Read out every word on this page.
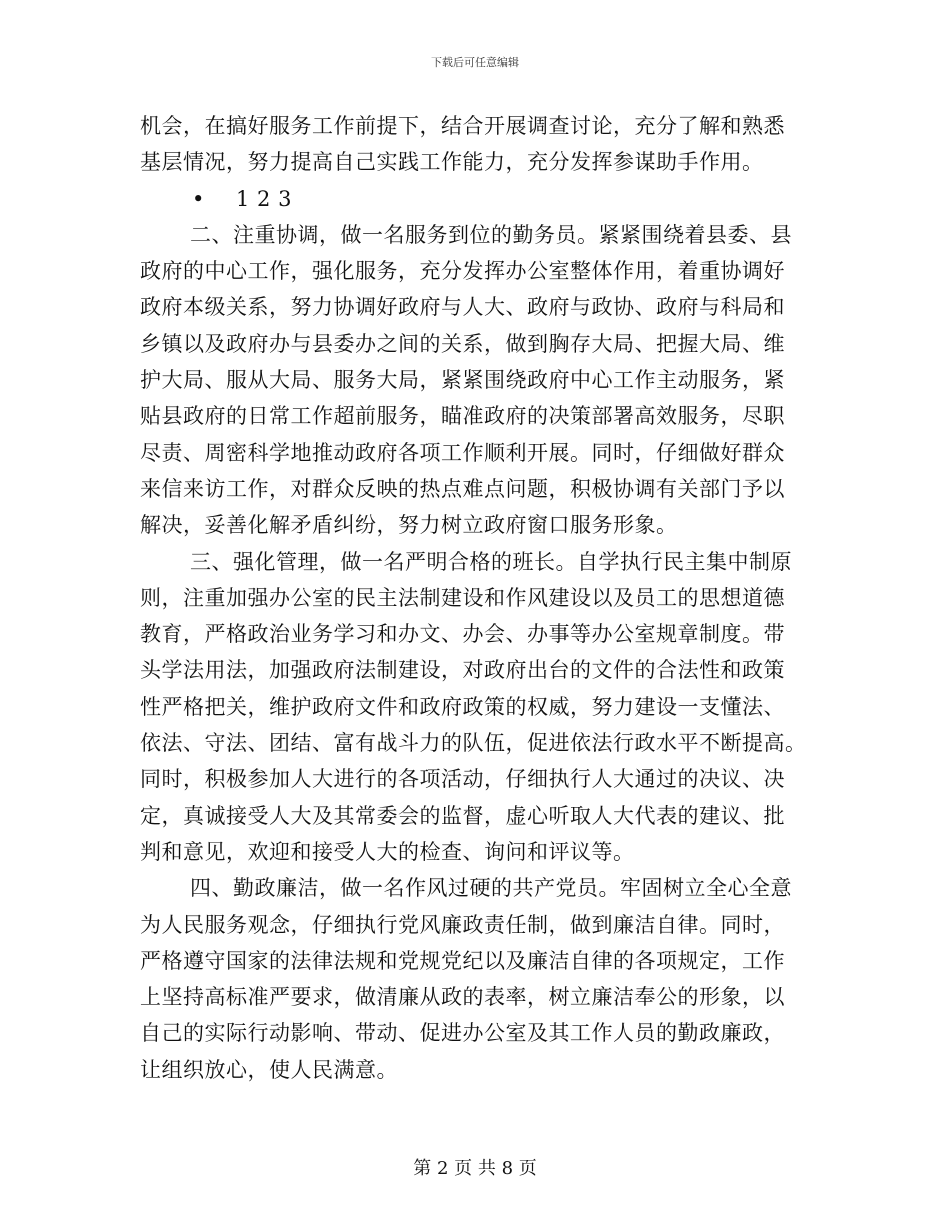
下载后可任意编辑
机会，在搞好服务工作前提下，结合开展调查讨论，充分了解和熟悉
基层情况，努力提高自己实践工作能力，充分发挥参谋助手作用。
• 1 2 3
二、注重协调，做一名服务到位的勤务员。紧紧围绕着县委、县
政府的中心工作，强化服务，充分发挥办公室整体作用，着重协调好
政府本级关系，努力协调好政府与人大、政府与政协、政府与科局和
乡镇以及政府办与县委办之间的关系，做到胸存大局、把握大局、维
护大局、服从大局、服务大局，紧紧围绕政府中心工作主动服务，紧
贴县政府的日常工作超前服务，瞄准政府的决策部署高效服务，尽职
尽责、周密科学地推动政府各项工作顺利开展。同时，仔细做好群众
来信来访工作，对群众反映的热点难点问题，积极协调有关部门予以
解决，妥善化解矛盾纠纷，努力树立政府窗口服务形象。
三、强化管理，做一名严明合格的班长。自学执行民主集中制原
则，注重加强办公室的民主法制建设和作风建设以及员工的思想道德
教育，严格政治业务学习和办文、办会、办事等办公室规章制度。带
头学法用法，加强政府法制建设，对政府出台的文件的合法性和政策
性严格把关，维护政府文件和政府政策的权威，努力建设一支懂法、
依法、守法、团结、富有战斗力的队伍，促进依法行政水平不断提高。
同时，积极参加人大进行的各项活动，仔细执行人大通过的决议、决
定，真诚接受人大及其常委会的监督，虚心听取人大代表的建议、批
判和意见，欢迎和接受人大的检查、询问和评议等。
四、勤政廉洁，做一名作风过硬的共产党员。牢固树立全心全意
为人民服务观念，仔细执行党风廉政责任制，做到廉洁自律。同时，
严格遵守国家的法律法规和党规党纪以及廉洁自律的各项规定，工作
上坚持高标准严要求，做清廉从政的表率，树立廉洁奉公的形象，以
自己的实际行动影响、带动、促进办公室及其工作人员的勤政廉政，
让组织放心，使人民满意。
第 2 页 共 8 页
